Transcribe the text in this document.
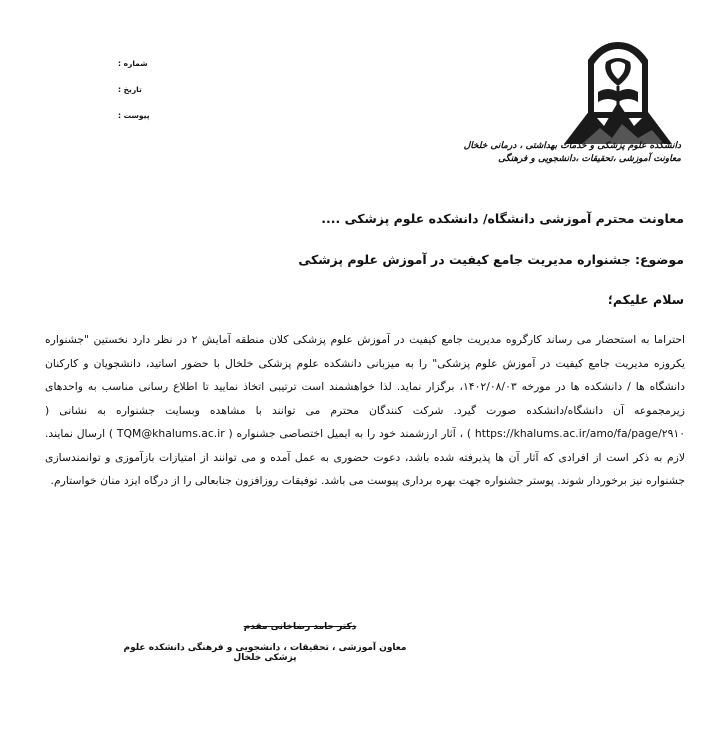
شماره :
تاریخ :
پیوست :
دانشکده علوم پزشکی و خدمات بهداشتی ، درمانی خلخال
معاونت آموزشی ،تحقیقات ،دانشجویی و فرهنگی
معاونت محترم آموزشی دانشگاه/ دانشکده علوم پزشکی ....
موضوع: جشنواره مدیریت جامع کیفیت در آموزش علوم پزشکی
سلام علیکم؛
احتراما به استحضار می رساند کارگروه مدیریت جامع کیفیت در آموزش علوم پزشکی کلان منطقه آمایش ۲ در نظر دارد نخستین "جشنواره یکروزه مدیریت جامع کیفیت در آموزش علوم پزشکی" را به میزبانی دانشکده علوم پزشکی خلخال با حضور اساتید، دانشجویان و کارکنان دانشگاه ها / دانشکده ها در مورخه ۱۴۰۲/۰۸/۰۳، برگزار نماید. لذا خواهشمند است ترتیبی اتخاذ نمایید تا اطلاع رسانی مناسب به واحدهای زیرمجموعه آن دانشگاه/دانشکده صورت گیرد. شرکت کنندگان محترم می توانند با مشاهده وبسایت جشنواره به نشانی ( https://khalums.ac.ir/amo/fa/page/۲۹۱۰ ) ، آثار ارزشمند خود را به ایمیل اختصاصی جشنواره ( TQM@khalums.ac.ir ) ارسال نمایند. لازم به ذکر است از افرادی که آثار آن ها پذیرفته شده باشد، دعوت حضوری به عمل آمده و می توانند از امتیازات بازآموزی و توانمندسازی جشنواره نیز برخوردار شوند. پوستر جشنواره جهت بهره برداری پیوست می باشد. توفیقات روزافزون جنابعالی را از درگاه ایزد منان خواستارم.
دکتر حامد رضاخانی مقدم
معاون آموزشی ، تحقیقات ، دانشجویی و فرهنگی دانشکده علوم پزشکی خلخال
